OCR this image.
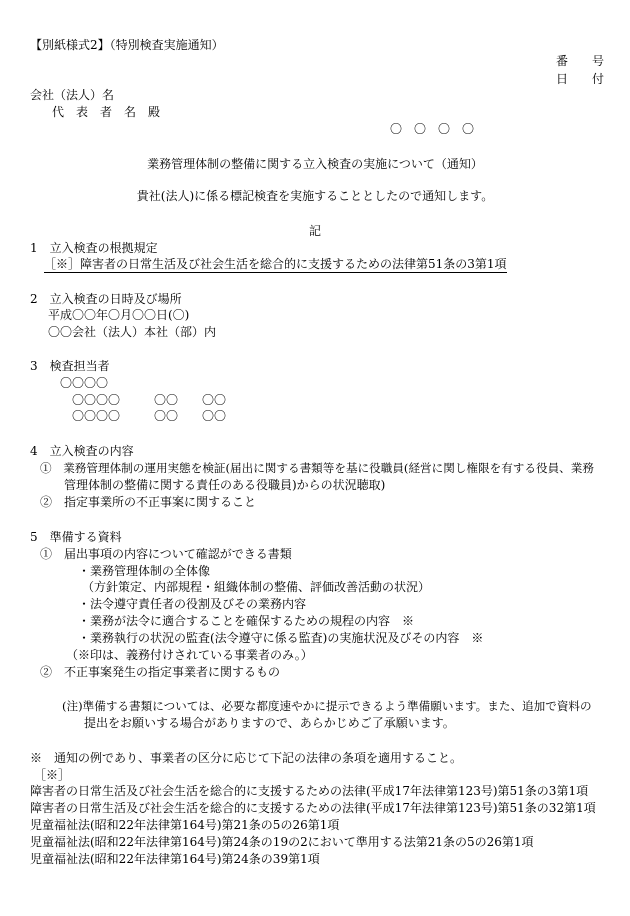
【別紙様式2】（特別検査実施通知）
番　　号
日　　付
会社（法人）名
代　表　者　名　殿
〇　〇　〇　〇
業務管理体制の整備に関する立入検査の実施について（通知）
貴社(法人)に係る標記検査を実施することとしたので通知します。
記
1　立入検査の根拠規定
［※］障害者の日常生活及び社会生活を総合的に支援するための法律第51条の3第1項
2　立入検査の日時及び場所
平成〇〇年〇月〇〇日(〇)
〇〇会社（法人）本社（部）内
3　検査担当者
〇〇〇〇
〇〇〇〇	〇〇 〇〇
〇〇〇〇	〇〇 〇〇
4　立入検査の内容
①　業務管理体制の運用実態を検証(届出に関する書類等を基に役職員(経営に関し権限を有する役員、業務
管理体制の整備に関する責任のある役職員)からの状況聴取)
②　指定事業所の不正事案に関すること
5　準備する資料
①　届出事項の内容について確認ができる書類
・業務管理体制の全体像
（方針策定、内部規程・組織体制の整備、評価改善活動の状況）
・法令遵守責任者の役割及びその業務内容
・業務が法令に適合することを確保するための規程の内容　※
・業務執行の状況の監査(法令遵守に係る監査)の実施状況及びその内容　※
（※印は、義務付けされている事業者のみ。）
②　不正事案発生の指定事業者に関するもの
(注)準備する書類については、必要な都度速やかに提示できるよう準備願います。また、追加で資料の
提出をお願いする場合がありますので、あらかじめご了承願います。
※　通知の例であり、事業者の区分に応じて下記の法律の条項を適用すること。
［※］
障害者の日常生活及び社会生活を総合的に支援するための法律(平成17年法律第123号)第51条の3第1項
障害者の日常生活及び社会生活を総合的に支援するための法律(平成17年法律第123号)第51条の32第1項
児童福祉法(昭和22年法律第164号)第21条の5の26第1項
児童福祉法(昭和22年法律第164号)第24条の19の2において準用する法第21条の5の26第1項
児童福祉法(昭和22年法律第164号)第24条の39第1項
